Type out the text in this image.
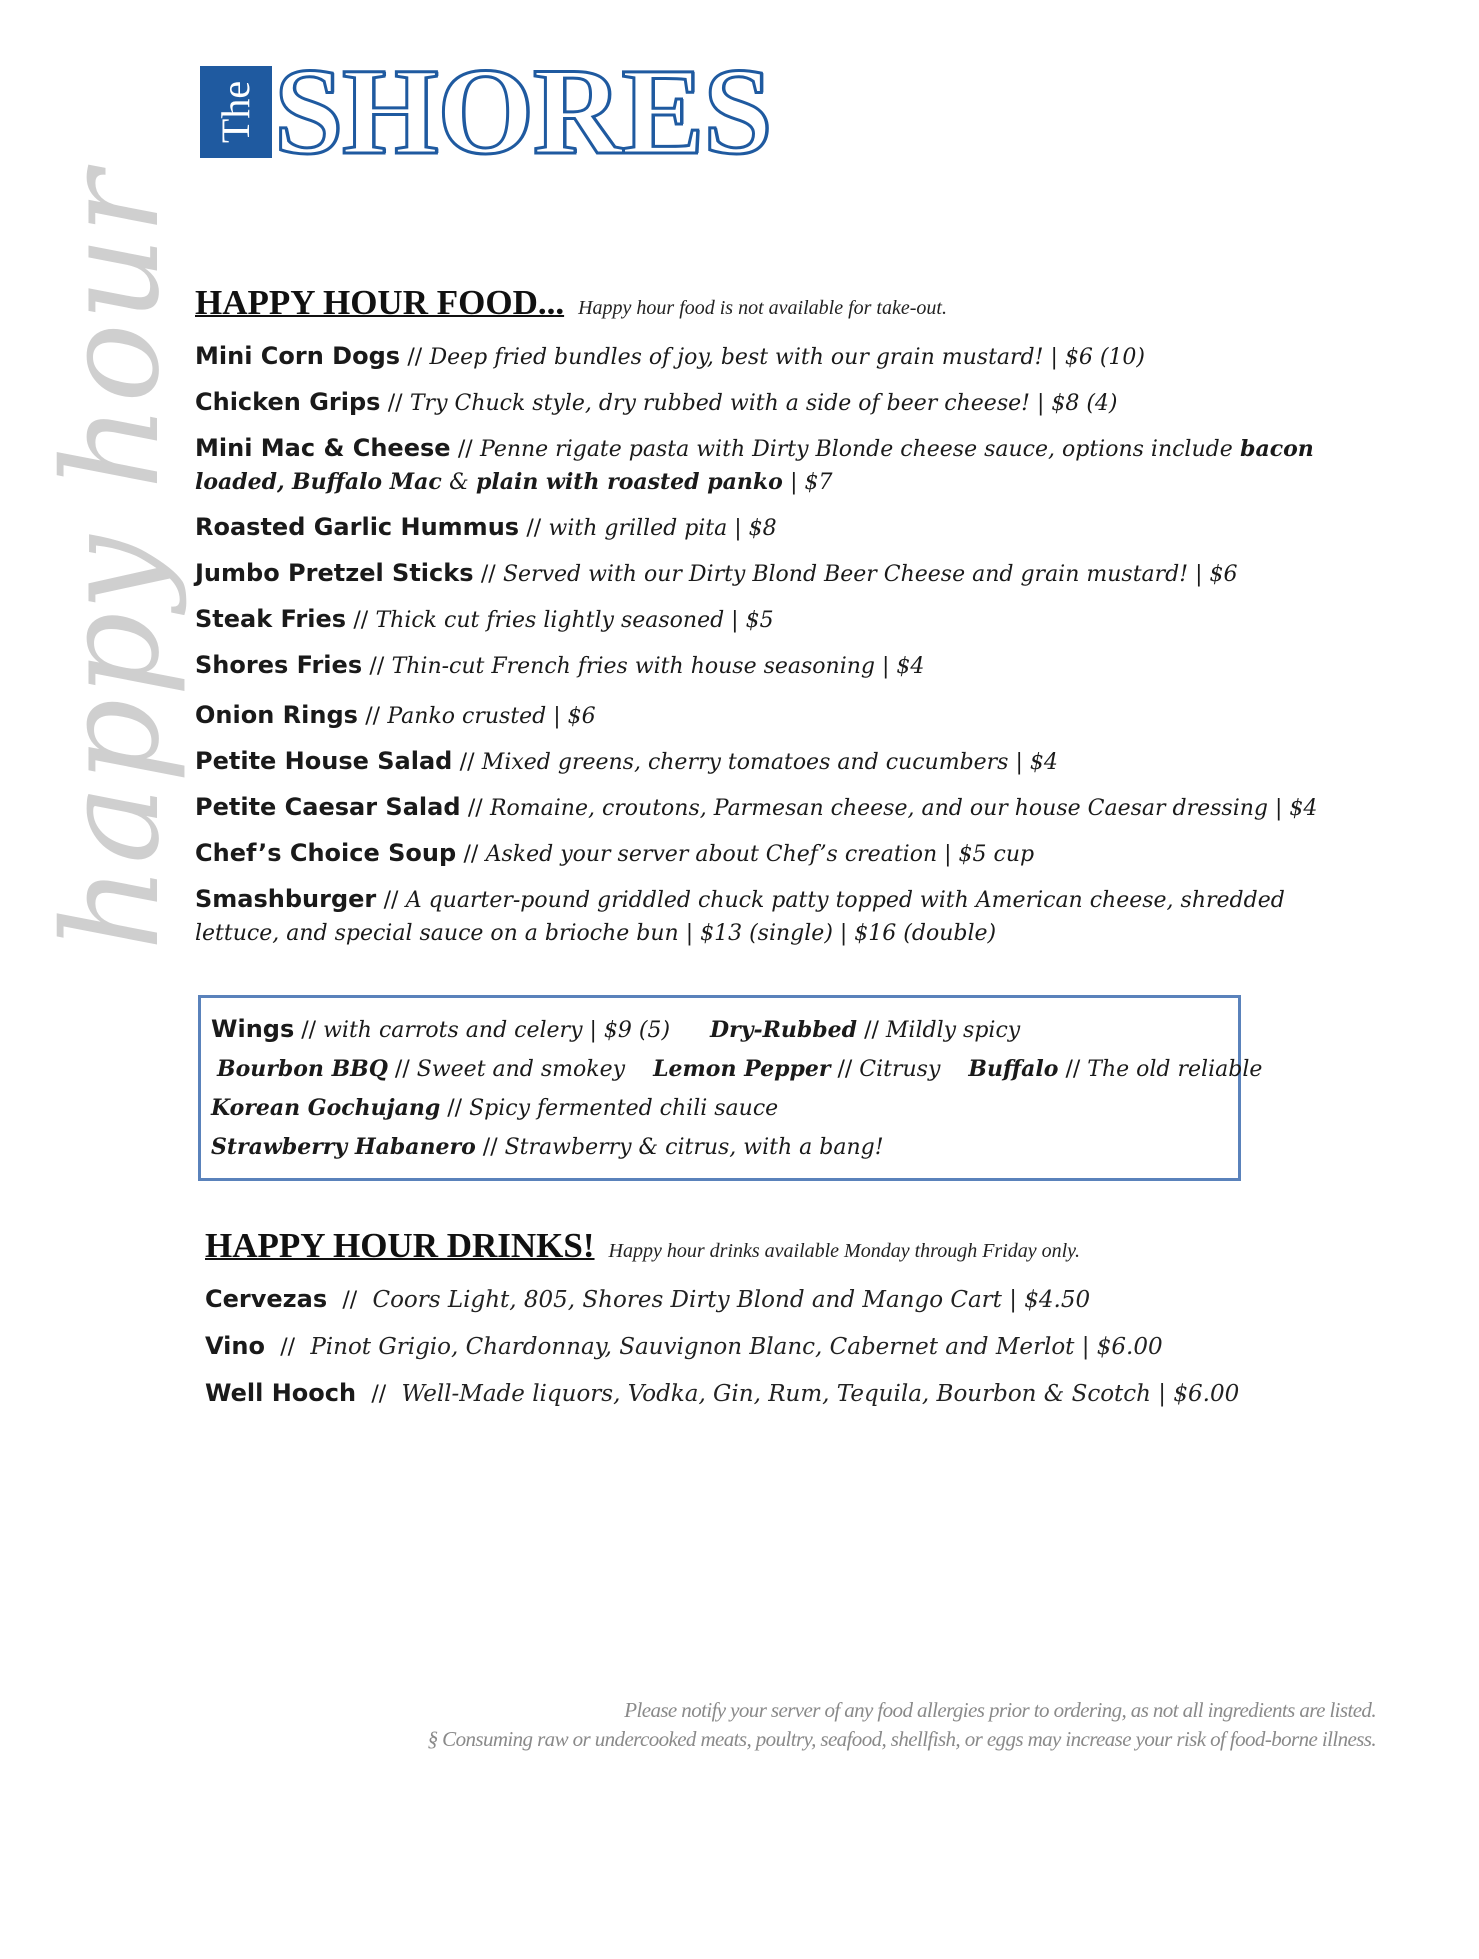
The SHORES
happy hour HAPPY HOUR FOOD... Happy hour food is not available for take-out.
Mini Corn Dogs // Deep fried bundles of joy, best with our grain mustard! | $6 (10)
Chicken Grips // Try Chuck style, dry rubbed with a side of beer cheese! | $8 (4)
Mini Mac & Cheese // Penne rigate pasta with Dirty Blonde cheese sauce, options include bacon loaded, Buffalo Mac & plain with roasted panko | $7
Roasted Garlic Hummus // with grilled pita | $8
Jumbo Pretzel Sticks // Served with our Dirty Blond Beer Cheese and grain mustard! | $6
Steak Fries // Thick cut fries lightly seasoned | $5
Shores Fries // Thin-cut French fries with house seasoning | $4
Onion Rings // Panko crusted | $6
Petite House Salad // Mixed greens, cherry tomatoes and cucumbers | $4
Petite Caesar Salad // Romaine, croutons, Parmesan cheese, and our house Caesar dressing | $4
Chef’s Choice Soup // Asked your server about Chef’s creation | $5 cup
Smashburger // A quarter-pound griddled chuck patty topped with American cheese, shredded lettuce, and special sauce on a brioche bun | $13 (single) | $16 (double)
Wings // with carrots and celery | $9 (5) Dry-Rubbed // Mildly spicy
Bourbon BBQ // Sweet and smokey Lemon Pepper // Citrusy Buffalo // The old reliable
Korean Gochujang // Spicy fermented chili sauce
Strawberry Habanero // Strawberry & citrus, with a bang!
HAPPY HOUR DRINKS! Happy hour drinks available Monday through Friday only.
Cervezas // Coors Light, 805, Shores Dirty Blond and Mango Cart | $4.50
Vino // Pinot Grigio, Chardonnay, Sauvignon Blanc, Cabernet and Merlot | $6.00
Well Hooch // Well-Made liquors, Vodka, Gin, Rum, Tequila, Bourbon & Scotch | $6.00
Please notify your server of any food allergies prior to ordering, as not all ingredients are listed.
§ Consuming raw or undercooked meats, poultry, seafood, shellfish, or eggs may increase your risk of food-borne illness.
